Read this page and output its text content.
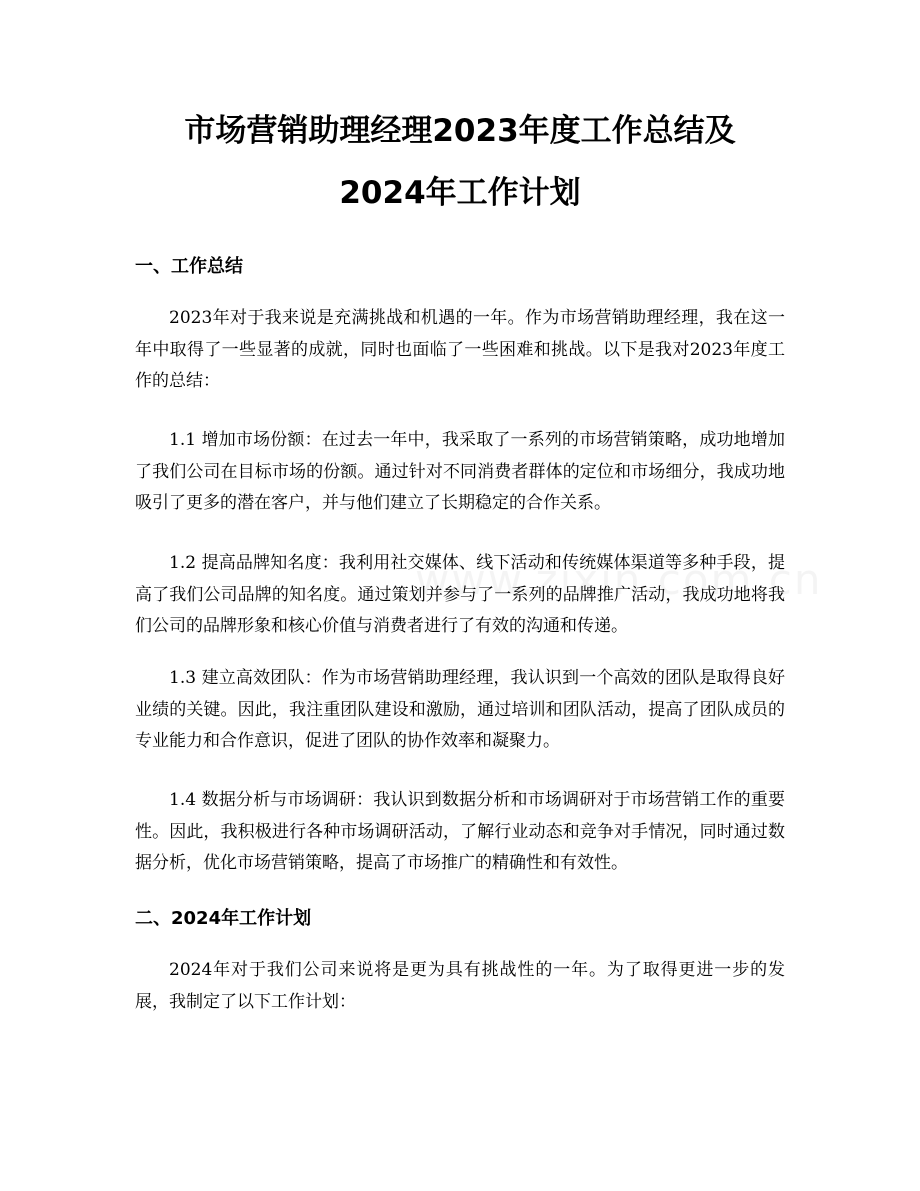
市场营销助理经理2023年度工作总结及
2024年工作计划
一、工作总结

2023年对于我来说是充满挑战和机遇的一年。作为市场营销助理经理，我在这一年中取得了一些显著的成就，同时也面临了一些困难和挑战。以下是我对2023年度工作的总结：

1.1 增加市场份额：在过去一年中，我采取了一系列的市场营销策略，成功地增加了我们公司在目标市场的份额。通过针对不同消费者群体的定位和市场细分，我成功地吸引了更多的潜在客户，并与他们建立了长期稳定的合作关系。

1.2 提高品牌知名度：我利用社交媒体、线下活动和传统媒体渠道等多种手段，提高了我们公司品牌的知名度。通过策划并参与了一系列的品牌推广活动，我成功地将我们公司的品牌形象和核心价值与消费者进行了有效的沟通和传递。

1.3 建立高效团队：作为市场营销助理经理，我认识到一个高效的团队是取得良好业绩的关键。因此，我注重团队建设和激励，通过培训和团队活动，提高了团队成员的专业能力和合作意识，促进了团队的协作效率和凝聚力。

1.4 数据分析与市场调研：我认识到数据分析和市场调研对于市场营销工作的重要性。因此，我积极进行各种市场调研活动，了解行业动态和竞争对手情况，同时通过数据分析，优化市场营销策略，提高了市场推广的精确性和有效性。

二、2024年工作计划

2024年对于我们公司来说将是更为具有挑战性的一年。为了取得更进一步的发展，我制定了以下工作计划：
